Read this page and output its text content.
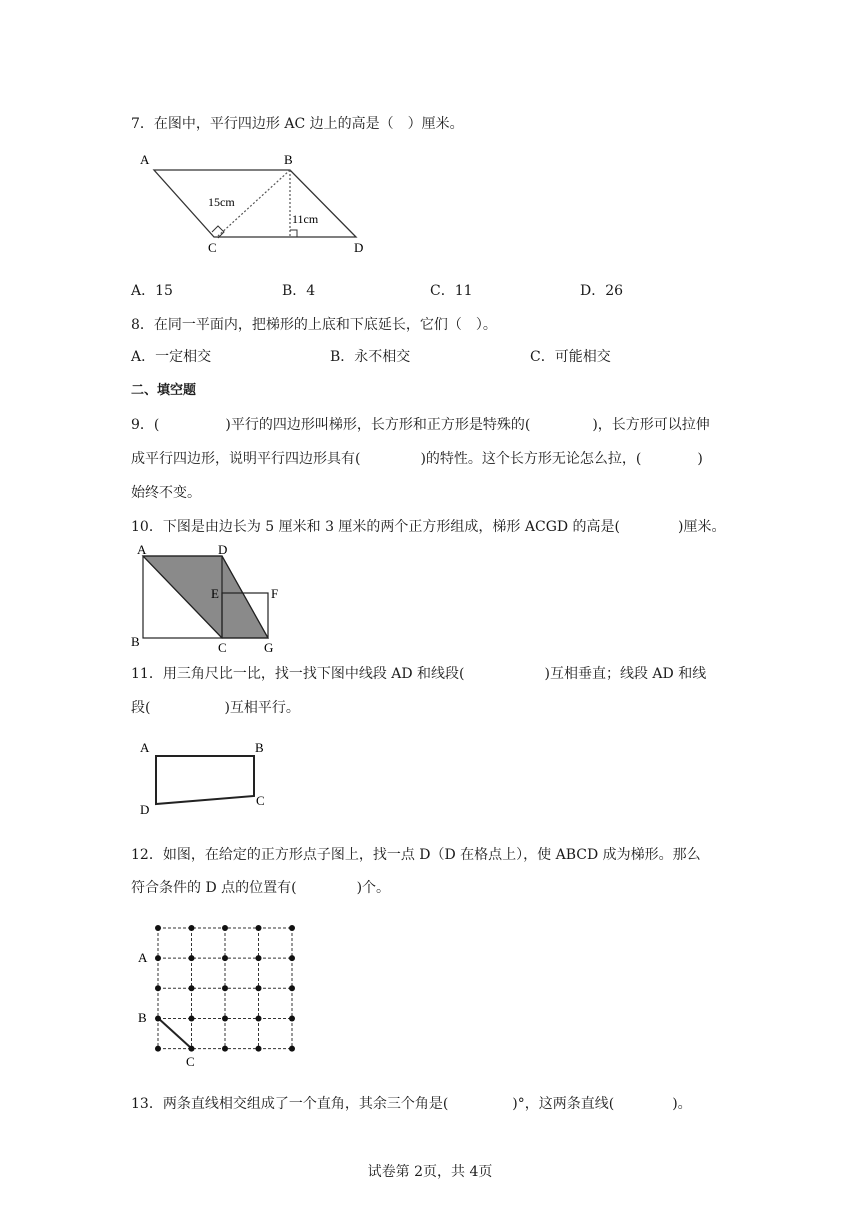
7．在图中，平行四边形 AC 边上的高是（　）厘米。
A	B
C	D
15cm
11cm
A．15	B．4	C．11	D．26
8．在同一平面内，把梯形的上底和下底延长，它们（　）。
A．一定相交	B．永不相交	C．可能相交
二、填空题
9．(	)平行的四边形叫梯形，长方形和正方形是特殊的(	)，长方形可以拉伸
成平行四边形，说明平行四边形具有(	)的特性。这个长方形无论怎么拉，(	)
始终不变。
10．下图是由边长为 5 厘米和 3 厘米的两个正方形组成，梯形 ACGD 的高是(	)厘米。
A	D
E	F
B	C	G
11．用三角尺比一比，找一找下图中线段 AD 和线段(	)互相垂直；线段 AD 和线
段(	)互相平行。
A	B
D
C
12．如图，在给定的正方形点子图上，找一点 D（D 在格点上），使 ABCD 成为梯形。那么
符合条件的 D 点的位置有(	)个。
A
B
C
13．两条直线相交组成了一个直角，其余三个角是(	)°，这两条直线(	)。
试卷第 2页，共 4页
